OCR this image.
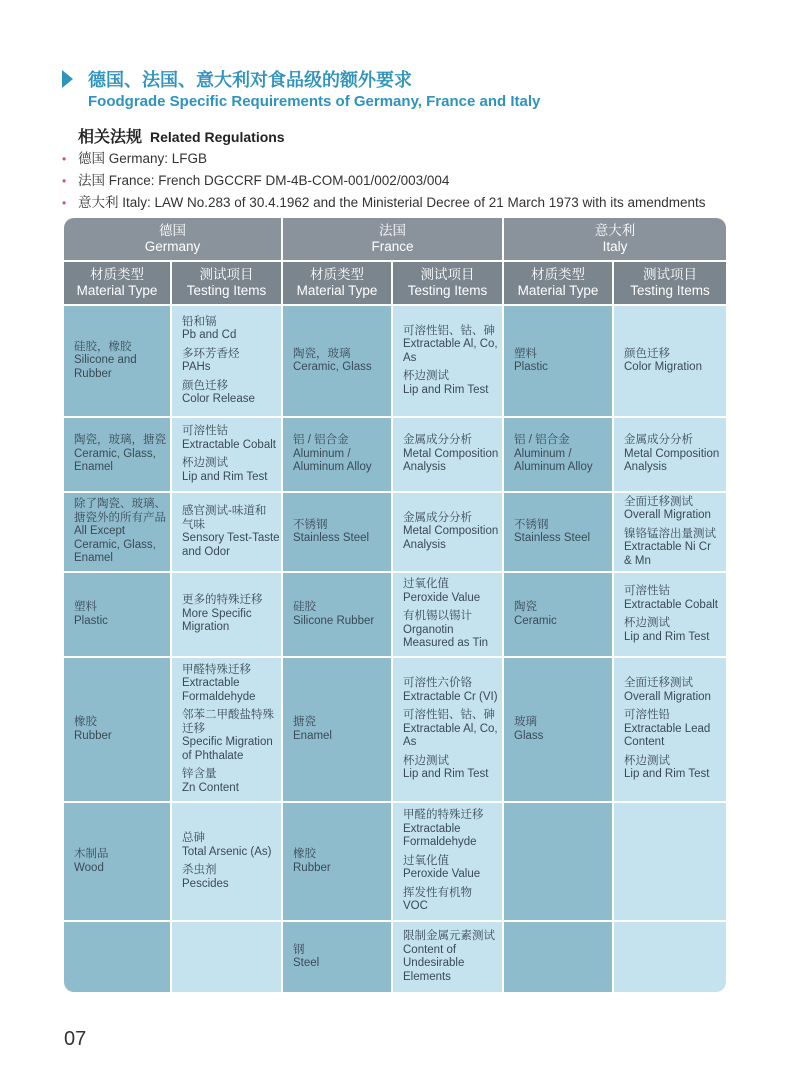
德国、法国、意大利对食品级的额外要求
Foodgrade Specific Requirements of Germany, France and Italy
相关法规 Related Regulations
• 德国 Germany: LFGB
• 法国 France: French DGCCRF DM-4B-COM-001/002/003/004
• 意大利 Italy: LAW No.283 of 30.4.1962 and the Ministerial Decree of 21 March 1973 with its amendments
德国
Germany
法国
France
意大利
Italy
材质类型
Material Type
测试项目
Testing Items
材质类型
Material Type
测试项目
Testing Items
材质类型
Material Type
测试项目
Testing Items
硅胶，橡胶
Silicone and
Rubber
铅和镉
Pb and Cd
多环芳香烃
PAHs
颜色迁移
Color Release
陶瓷，玻璃
Ceramic, Glass
可溶性铝、钴、砷
Extractable Al, Co,
As
杯边测试
Lip and Rim Test
塑料
Plastic
颜色迁移
Color Migration
陶瓷，玻璃，搪瓷
Ceramic, Glass,
Enamel
可溶性钴
Extractable Cobalt
杯边测试
Lip and Rim Test
铝 / 铝合金
Aluminum /
Aluminum Alloy
金属成分分析
Metal Composition
Analysis
铝 / 铝合金
Aluminum /
Aluminum Alloy
金属成分分析
Metal Composition
Analysis
除了陶瓷、玻璃、
搪瓷外的所有产品
All Except
Ceramic, Glass,
Enamel
感官测试-味道和
气味
Sensory Test-Taste
and Odor
不锈钢
Stainless Steel
金属成分分析
Metal Composition
Analysis
不锈钢
Stainless Steel
全面迁移测试
Overall Migration
镍铬锰溶出量测试
Extractable Ni Cr
& Mn
塑料
Plastic
更多的特殊迁移
More Specific
Migration
硅胶
Silicone Rubber
过氧化值
Peroxide Value
有机锡以锡计
Organotin
Measured as Tin
陶瓷
Ceramic
可溶性钴
Extractable Cobalt
杯边测试
Lip and Rim Test
橡胶
Rubber
甲醛特殊迁移
Extractable
Formaldehyde
邻苯二甲酸盐特殊
迁移
Specific Migration
of Phthalate
锌含量
Zn Content
搪瓷
Enamel
可溶性六价铬
Extractable Cr (VI)
可溶性铝、钴、砷
Extractable Al, Co,
As
杯边测试
Lip and Rim Test
玻璃
Glass
全面迁移测试
Overall Migration
可溶性铅
Extractable Lead
Content
杯边测试
Lip and Rim Test
木制品
Wood
总砷
Total Arsenic (As)
杀虫剂
Pescides
橡胶
Rubber
甲醛的特殊迁移
Extractable
Formaldehyde
过氧化值
Peroxide Value
挥发性有机物
VOC
钢
Steel
限制金属元素测试
Content of
Undesirable
Elements
07
